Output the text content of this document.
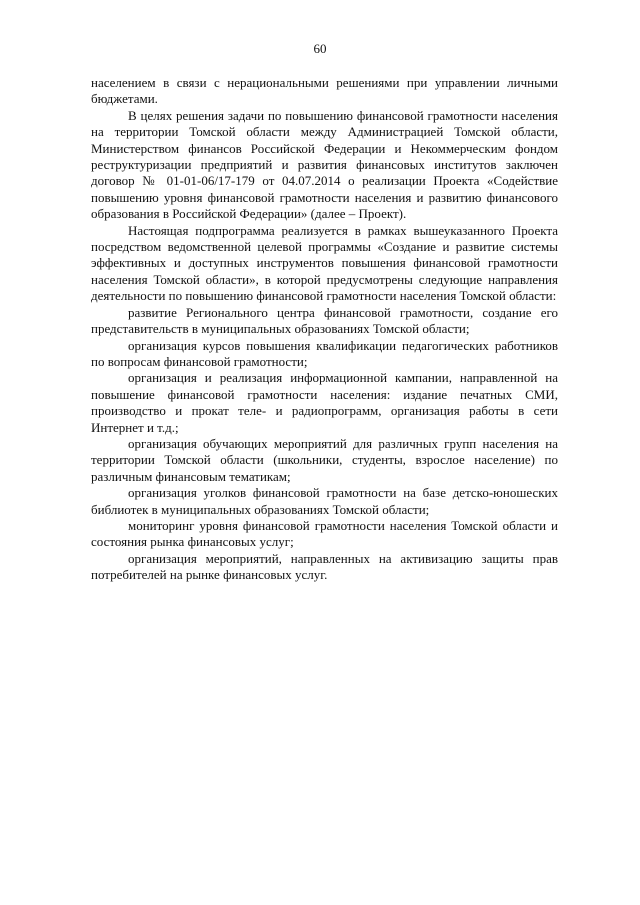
60

населением в связи с нерациональными решениями при управлении личными бюджетами.

В целях решения задачи по повышению финансовой грамотности населения на территории Томской области между Администрацией Томской области, Министерством финансов Российской Федерации и Некоммерческим фондом реструктуризации предприятий и развития финансовых институтов заключен договор № 01-01-06/17-179 от 04.07.2014 о реализации Проекта «Содействие повышению уровня финансовой грамотности населения и развитию финансового образования в Российской Федерации» (далее – Проект).

Настоящая подпрограмма реализуется в рамках вышеуказанного Проекта посредством ведомственной целевой программы «Создание и развитие системы эффективных и доступных инструментов повышения финансовой грамотности населения Томской области», в которой предусмотрены следующие направления деятельности по повышению финансовой грамотности населения Томской области:

развитие Регионального центра финансовой грамотности, создание его представительств в муниципальных образованиях Томской области;

организация курсов повышения квалификации педагогических работников по вопросам финансовой грамотности;

организация и реализация информационной кампании, направленной на повышение финансовой грамотности населения: издание печатных СМИ, производство и прокат теле- и радиопрограмм, организация работы в сети Интернет и т.д.;

организация обучающих мероприятий для различных групп населения на территории Томской области (школьники, студенты, взрослое население) по различным финансовым тематикам;

организация уголков финансовой грамотности на базе детско-юношеских библиотек в муниципальных образованиях Томской области;

мониторинг уровня финансовой грамотности населения Томской области и состояния рынка финансовых услуг;

организация мероприятий, направленных на активизацию защиты прав потребителей на рынке финансовых услуг.
